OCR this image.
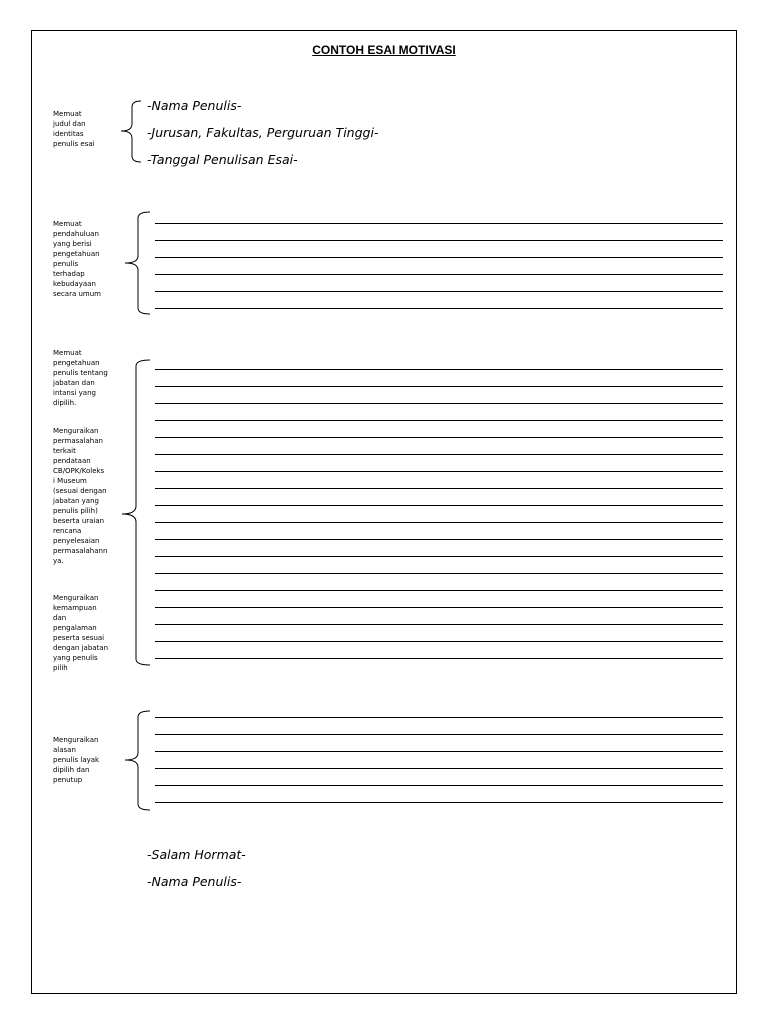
CONTOH ESAI MOTIVASI
Memuat
judul dan
identitas
penulis esai
-Nama Penulis-
-Jurusan, Fakultas, Perguruan Tinggi-
-Tanggal Penulisan Esai-
Memuat
pendahuluan
yang berisi
pengetahuan
penulis
terhadap
kebudayaan
secara umum
Memuat
pengetahuan
penulis tentang
jabatan dan
intansi yang
dipilih.
Menguraikan
permasalahan
terkait
pendataan
CB/OPK/Koleks
i Museum
(sesuai dengan
jabatan yang
penulis pilih)
beserta uraian
rencana
penyelesaian
permasalahann
ya.
Menguraikan
kemampuan
dan
pengalaman
peserta sesuai
dengan jabatan
yang penulis
pilih
Menguraikan
alasan
penulis layak
dipilih dan
penutup
-Salam Hormat-
-Nama Penulis-
